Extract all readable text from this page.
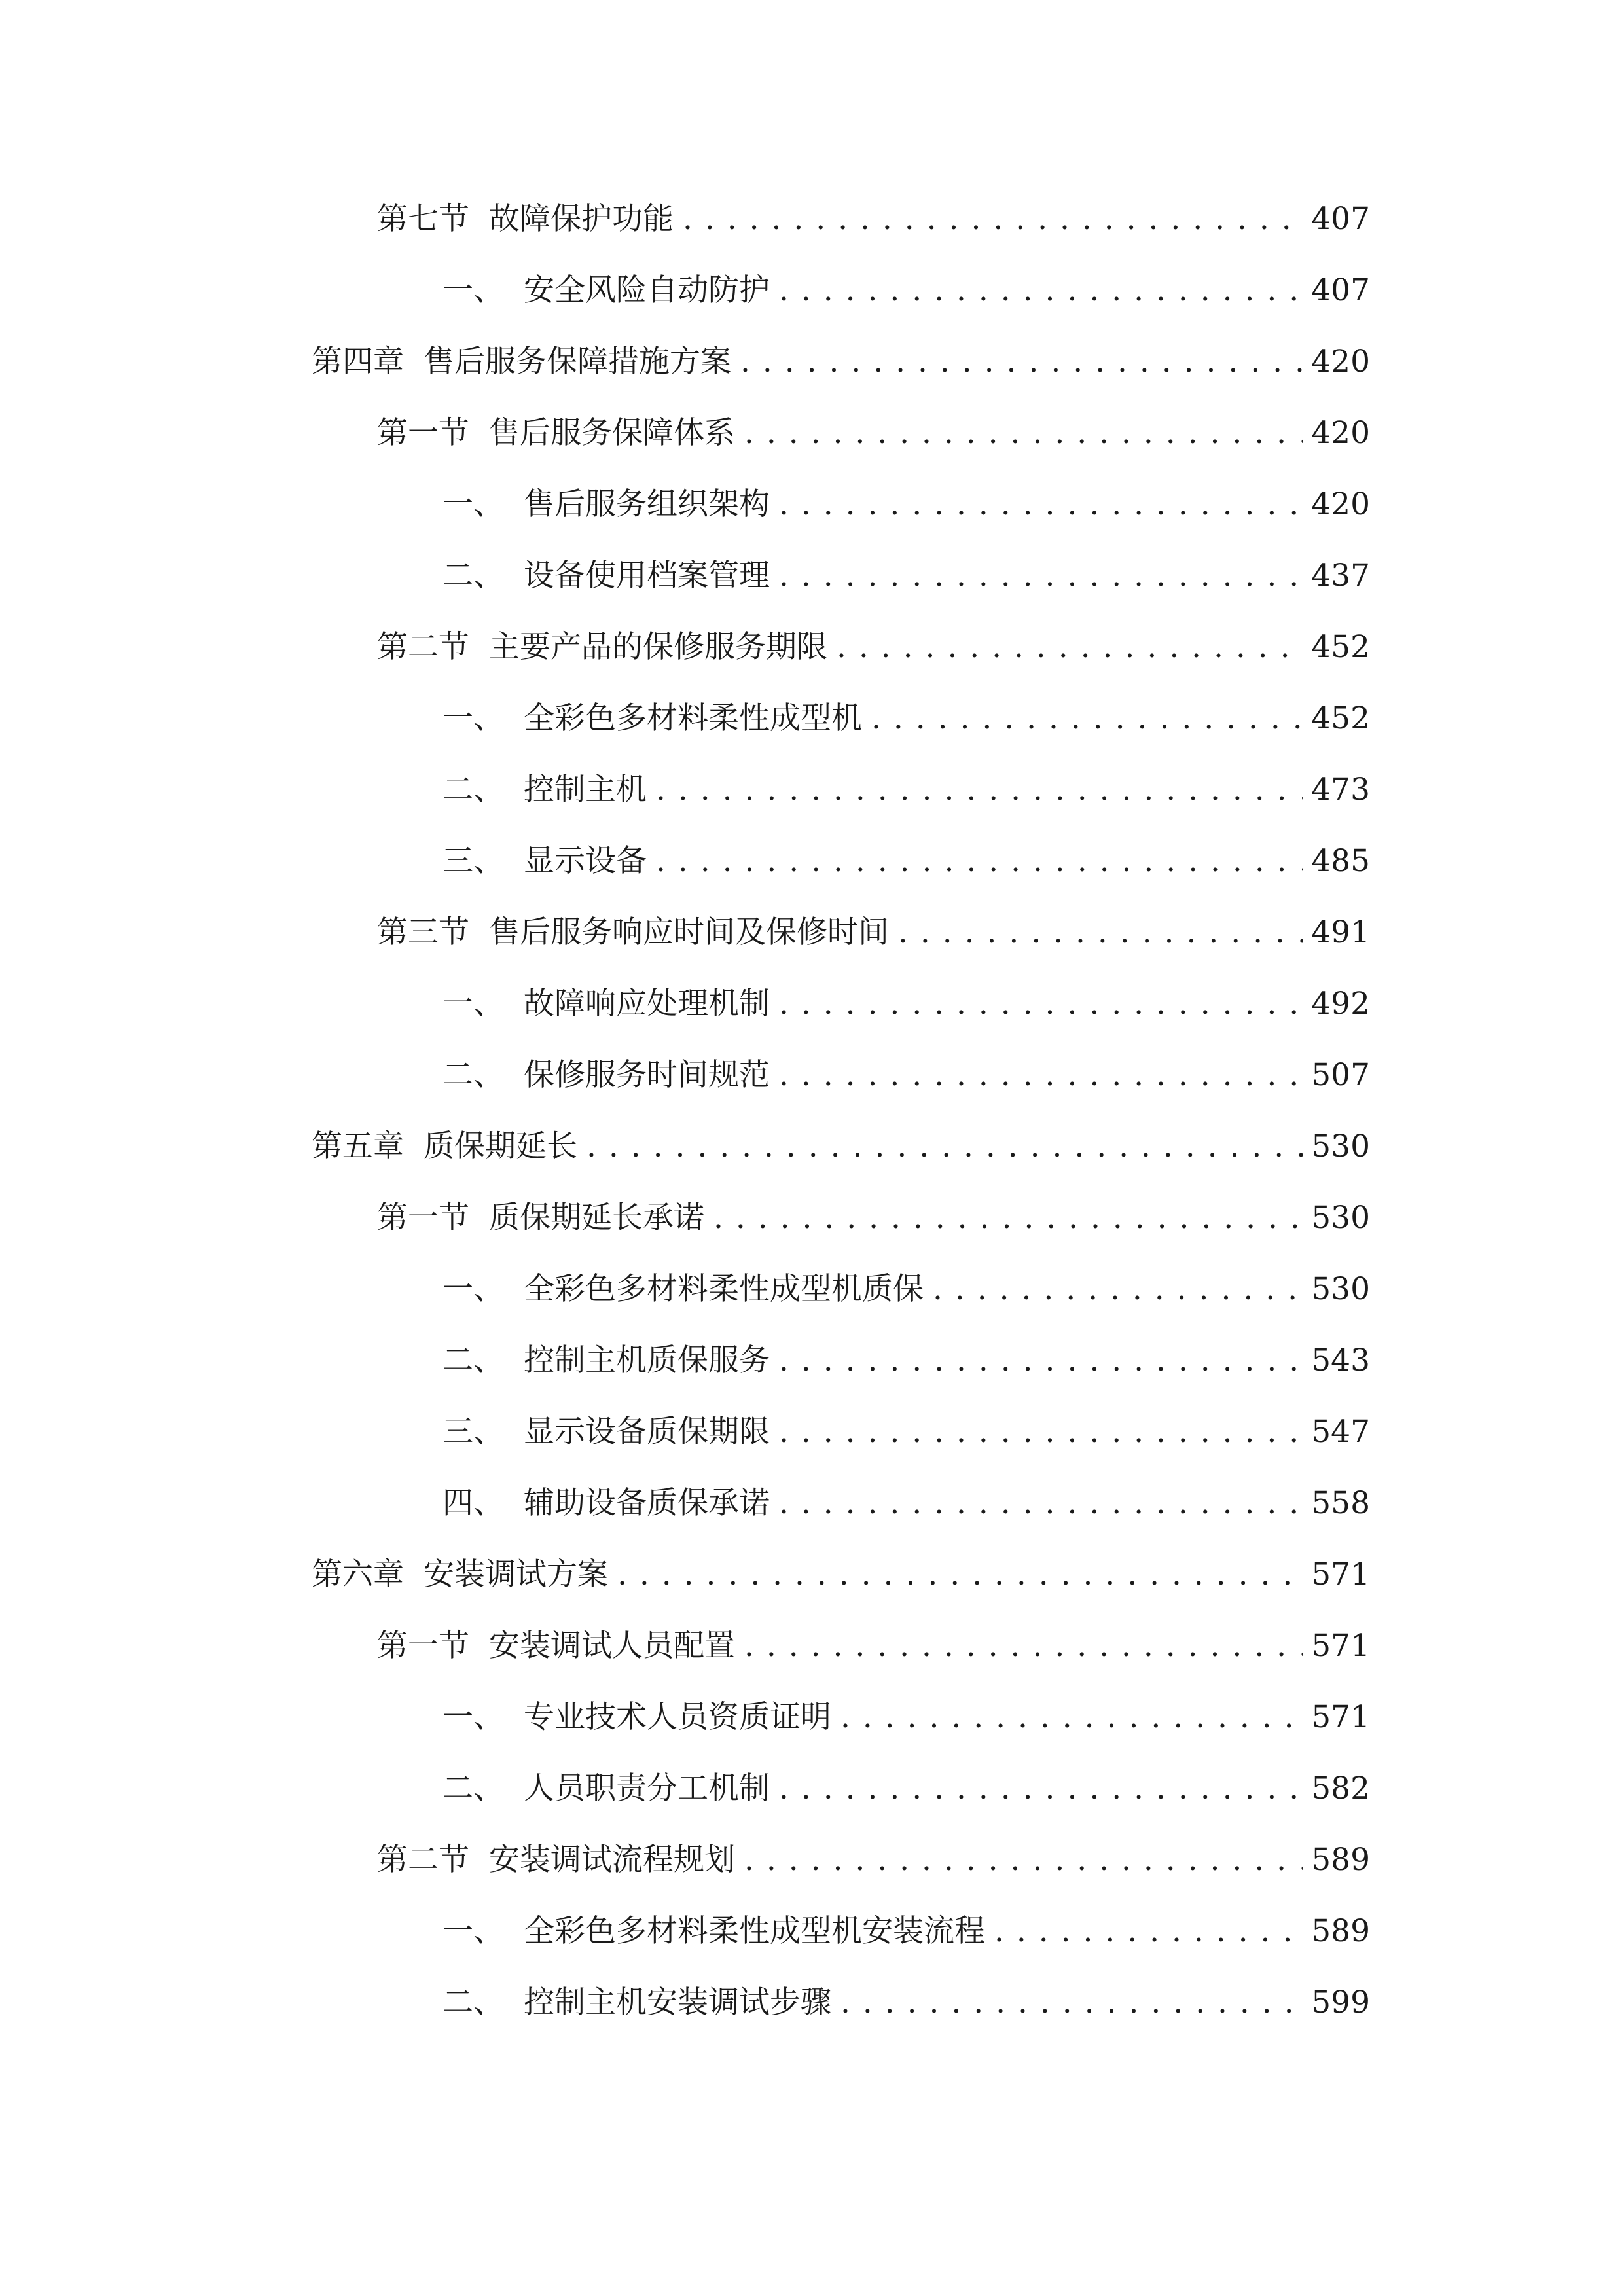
第七节 故障保护功能 . . .	407
一、 安全风险自动防护 . . .	407
第四章 售后服务保障措施方案 . . .	420
第一节 售后服务保障体系 . . .	420
一、 售后服务组织架构 . . .	420
二、 设备使用档案管理 . . .	437
第二节 主要产品的保修服务期限 . . .	452
一、 全彩色多材料柔性成型机 . . .	452
二、 控制主机 . . .	473
三、 显示设备 . . .	485
第三节 售后服务响应时间及保修时间 . . .	491
一、 故障响应处理机制 . . .	492
二、 保修服务时间规范 . . .	507
第五章 质保期延长 . . .	530
第一节 质保期延长承诺 . . .	530
一、 全彩色多材料柔性成型机质保 . . .	530
二、 控制主机质保服务 . . .	543
三、 显示设备质保期限 . . .	547
四、 辅助设备质保承诺 . . .	558
第六章 安装调试方案 . . .	571
第一节 安装调试人员配置 . . .	571
一、 专业技术人员资质证明 . . .	571
二、 人员职责分工机制 . . .	582
第二节 安装调试流程规划 . . .	589
一、 全彩色多材料柔性成型机安装流程 . . .	589
二、 控制主机安装调试步骤 . . .	599
